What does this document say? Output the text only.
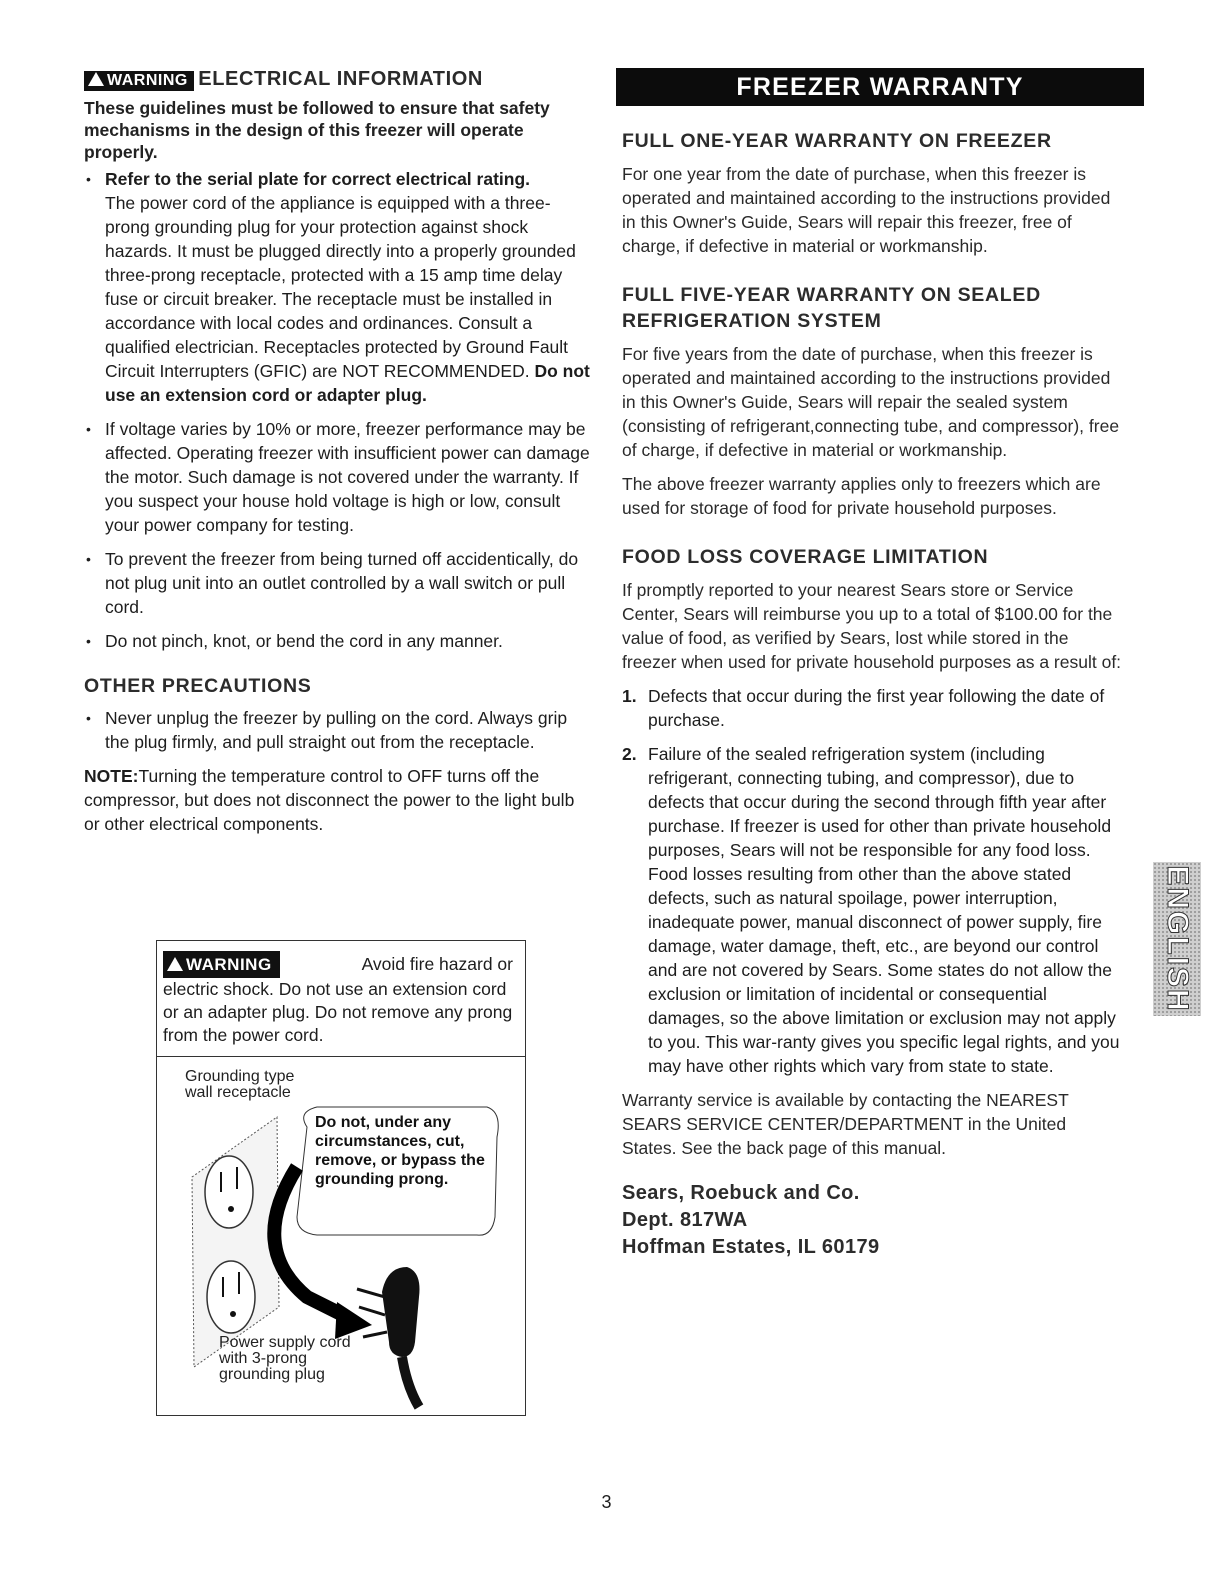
WARNING ELECTRICAL INFORMATION
These guidelines must be followed to ensure that safety mechanisms in the design of this freezer will operate properly.
• Refer to the serial plate for correct electrical rating.
The power cord of the appliance is equipped with a three-prong grounding plug for your protection against shock hazards. It must be plugged directly into a properly grounded three-prong receptacle, protected with a 15 amp time delay fuse or circuit breaker. The receptacle must be installed in accordance with local codes and ordinances. Consult a qualified electrician. Receptacles protected by Ground Fault Circuit Interrupters (GFIC) are NOT RECOMMENDED. Do not use an extension cord or adapter plug.
• If voltage varies by 10% or more, freezer performance may be affected. Operating freezer with insufficient power can damage the motor. Such damage is not covered under the warranty. If you suspect your house hold voltage is high or low, consult your power company for testing.
• To prevent the freezer from being turned off accidentically, do not plug unit into an outlet controlled by a wall switch or pull cord.
• Do not pinch, knot, or bend the cord in any manner.
OTHER PRECAUTIONS
• Never unplug the freezer by pulling on the cord. Always grip the plug firmly, and pull straight out from the receptacle.
NOTE:Turning the temperature control to OFF turns off the compressor, but does not disconnect the power to the light bulb or other electrical components.
WARNING	Avoid fire hazard or
electric shock. Do not use an extension cord or an adapter plug. Do not remove any prong from the power cord.
Grounding type wall receptacle
Do not, under any circumstances, cut, remove, or bypass the grounding prong.
Power supply cord with 3-prong grounding plug
FREEZER WARRANTY
FULL ONE-YEAR WARRANTY ON FREEZER
For one year from the date of purchase, when this freezer is operated and maintained according to the instructions provided in this Owner's Guide, Sears will repair this freezer, free of charge, if defective in material or workmanship.
FULL FIVE-YEAR WARRANTY ON SEALED REFRIGERATION SYSTEM
For five years from the date of purchase, when this freezer is operated and maintained according to the instructions provided in this Owner's Guide, Sears will repair the sealed system (consisting of refrigerant,connecting tube, and compressor), free of charge, if defective in material or workmanship.
The above freezer warranty applies only to freezers which are used for storage of food for private household purposes.
FOOD LOSS COVERAGE LIMITATION
If promptly reported to your nearest Sears store or Service Center, Sears will reimburse you up to a total of $100.00 for the value of food, as verified by Sears, lost while stored in the freezer when used for private household purposes as a result of:
1. Defects that occur during the first year following the date of purchase.
2. Failure of the sealed refrigeration system (including refrigerant, connecting tubing, and compressor), due to defects that occur during the second through fifth year after purchase. If freezer is used for other than private household purposes, Sears will not be responsible for any food loss. Food losses resulting from other than the above stated defects, such as natural spoilage, power interruption, inadequate power, manual disconnect of power supply, fire damage, water damage, theft, etc., are beyond our control and are not covered by Sears. Some states do not allow the exclusion or limitation of incidental or consequential damages, so the above limitation or exclusion may not apply to you. This war-ranty gives you specific legal rights, and you may have other rights which vary from state to state.
Warranty service is available by contacting the NEAREST SEARS SERVICE CENTER/DEPARTMENT in the United States. See the back page of this manual.
Sears, Roebuck and Co.
Dept. 817WA
Hoffman Estates, IL 60179
ENGLISH
3
